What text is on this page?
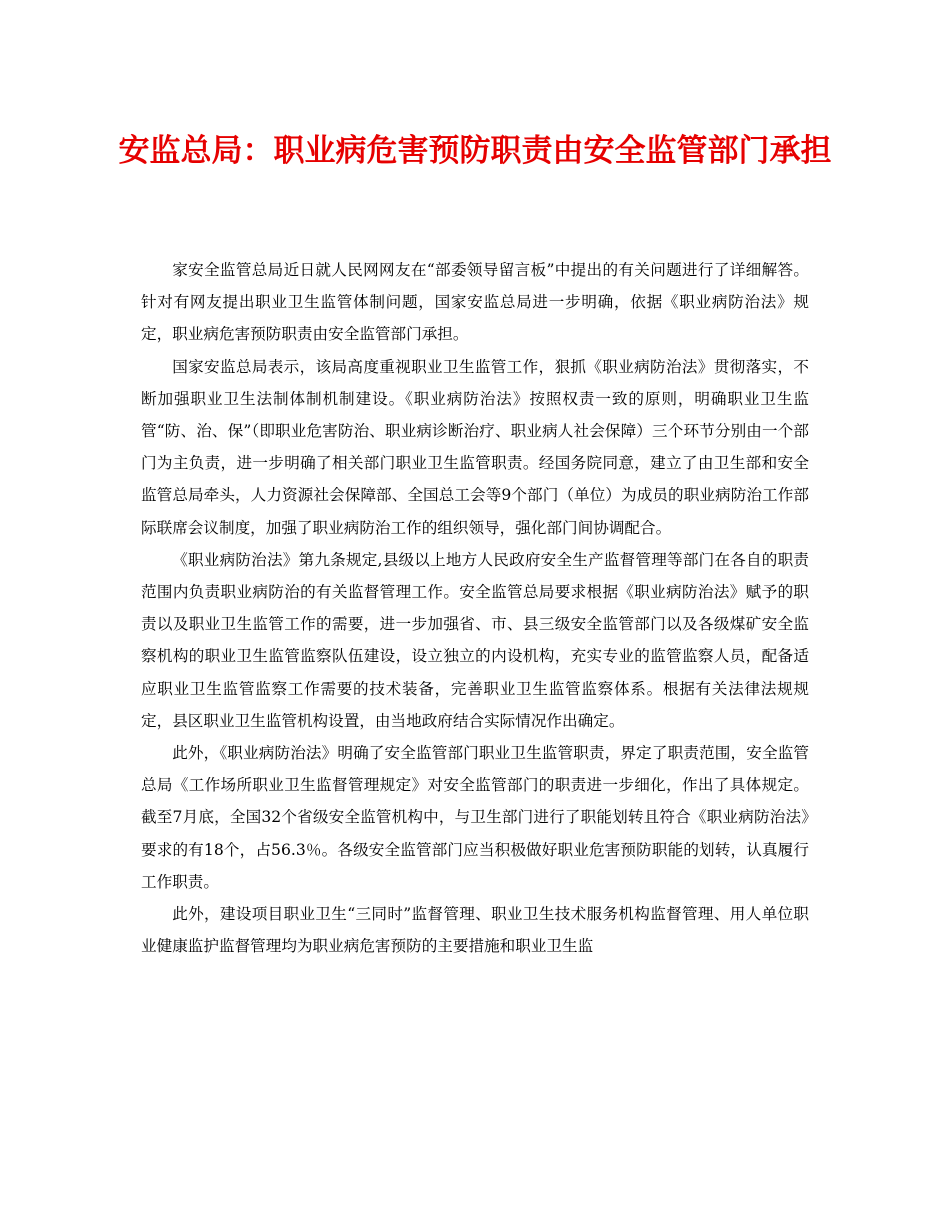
安监总局：职业病危害预防职责由安全监管部门承担

家安全监管总局近日就人民网网友在“部委领导留言板”中提出的有关问题进行了详细解答。针对有网友提出职业卫生监管体制问题，国家安监总局进一步明确，依据《职业病防治法》规定，职业病危害预防职责由安全监管部门承担。

国家安监总局表示，该局高度重视职业卫生监管工作，狠抓《职业病防治法》贯彻落实，不断加强职业卫生法制体制机制建设。《职业病防治法》按照权责一致的原则，明确职业卫生监管“防、治、保”（即职业危害防治、职业病诊断治疗、职业病人社会保障）三个环节分别由一个部门为主负责，进一步明确了相关部门职业卫生监管职责。经国务院同意，建立了由卫生部和安全监管总局牵头，人力资源社会保障部、全国总工会等9个部门（单位）为成员的职业病防治工作部际联席会议制度，加强了职业病防治工作的组织领导，强化部门间协调配合。

《职业病防治法》第九条规定,县级以上地方人民政府安全生产监督管理等部门在各自的职责范围内负责职业病防治的有关监督管理工作。安全监管总局要求根据《职业病防治法》赋予的职责以及职业卫生监管工作的需要，进一步加强省、市、县三级安全监管部门以及各级煤矿安全监察机构的职业卫生监管监察队伍建设，设立独立的内设机构，充实专业的监管监察人员，配备适应职业卫生监管监察工作需要的技术装备，完善职业卫生监管监察体系。根据有关法律法规规定，县区职业卫生监管机构设置，由当地政府结合实际情况作出确定。

此外，《职业病防治法》明确了安全监管部门职业卫生监管职责，界定了职责范围，安全监管总局《工作场所职业卫生监督管理规定》对安全监管部门的职责进一步细化，作出了具体规定。截至7月底，全国32个省级安全监管机构中，与卫生部门进行了职能划转且符合《职业病防治法》要求的有18个，占56.3％。各级安全监管部门应当积极做好职业危害预防职能的划转，认真履行工作职责。

此外，建设项目职业卫生“三同时”监督管理、职业卫生技术服务机构监督管理、用人单位职业健康监护监督管理均为职业病危害预防的主要措施和职业卫生监
